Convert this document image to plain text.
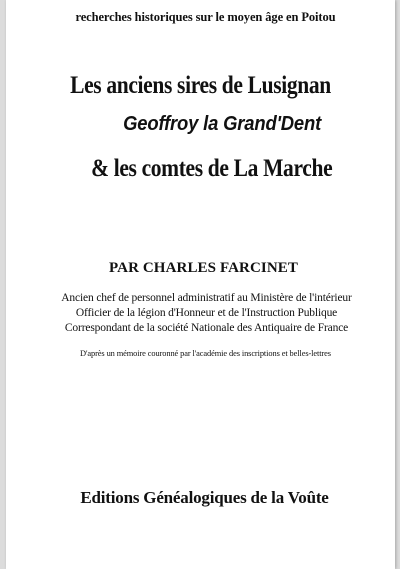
recherches historiques sur le moyen âge en Poitou
Les anciens sires de Lusignan
Geoffroy la Grand'Dent
& les comtes de La Marche
PAR CHARLES FARCINET
Ancien chef de personnel administratif au Ministère de l'intérieur
Officier de la légion d'Honneur et de l'Instruction Publique
Correspondant de la société Nationale des Antiquaire de France
D'après un mémoire couronné par l'académie des inscriptions et belles-lettres
Editions Généalogiques de la Voûte
